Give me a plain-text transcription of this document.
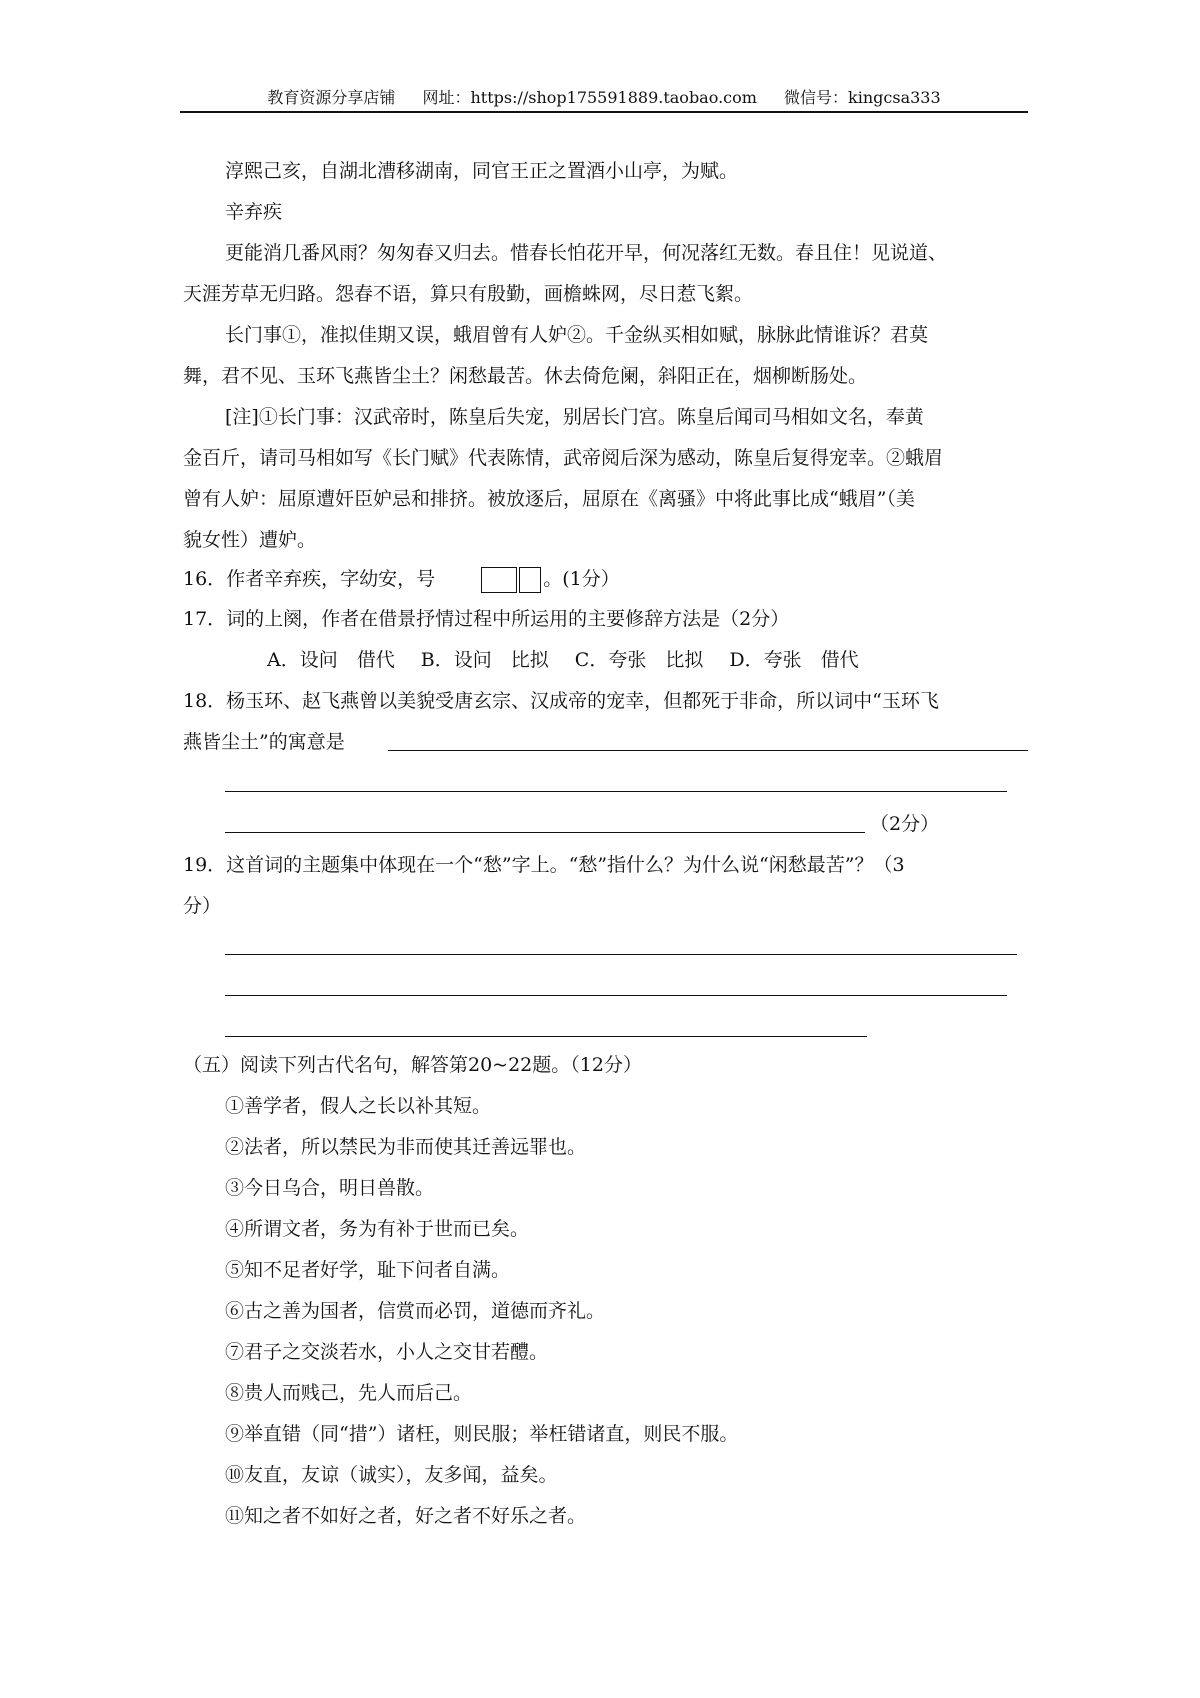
教育资源分享店铺 网址：https://shop175591889.taobao.com 微信号：kingcsa333
淳熙己亥，自湖北漕移湖南，同官王正之置酒小山亭，为赋。
辛弃疾
更能消几番风雨？匆匆春又归去。惜春长怕花开早，何况落红无数。春且住！见说道、
天涯芳草无归路。怨春不语，算只有殷勤，画檐蛛网，尽日惹飞絮。
长门事①，准拟佳期又误，蛾眉曾有人妒②。千金纵买相如赋，脉脉此情谁诉？君莫
舞，君不见、玉环飞燕皆尘土？闲愁最苦。休去倚危阑，斜阳正在，烟柳断肠处。
[注]①长门事：汉武帝时，陈皇后失宠，别居长门宫。陈皇后闻司马相如文名，奉黄
金百斤，请司马相如写《长门赋》代表陈情，武帝阅后深为感动，陈皇后复得宠幸。②蛾眉
曾有人妒：屈原遭奸臣妒忌和排挤。被放逐后，屈原在《离骚》中将此事比成“蛾眉”（美
貌女性）遭妒。
16．作者辛弃疾，字幼安，号	。(1分）
17．词的上阕，作者在借景抒情过程中所运用的主要修辞方法是（2分）
A．设问　借代 B．设问　比拟 C．夸张　比拟 D．夸张　借代
18．杨玉环、赵飞燕曾以美貌受唐玄宗、汉成帝的宠幸，但都死于非命，所以词中“玉环飞
燕皆尘土”的寓意是
（2分）
19．这首词的主题集中体现在一个“愁”字上。“愁”指什么？为什么说“闲愁最苦”？（3
分）
（五）阅读下列古代名句，解答第20~22题。（12分）
①善学者，假人之长以补其短。
②法者，所以禁民为非而使其迁善远罪也。
③今日乌合，明日兽散。
④所谓文者，务为有补于世而已矣。
⑤知不足者好学，耻下问者自满。
⑥古之善为国者，信赏而必罚，道德而齐礼。
⑦君子之交淡若水，小人之交甘若醴。
⑧贵人而贱己，先人而后己。
⑨举直错（同“措”）诸枉，则民服；举枉错诸直，则民不服。
⑩友直，友谅（诚实），友多闻，益矣。
⑪知之者不如好之者，好之者不好乐之者。
